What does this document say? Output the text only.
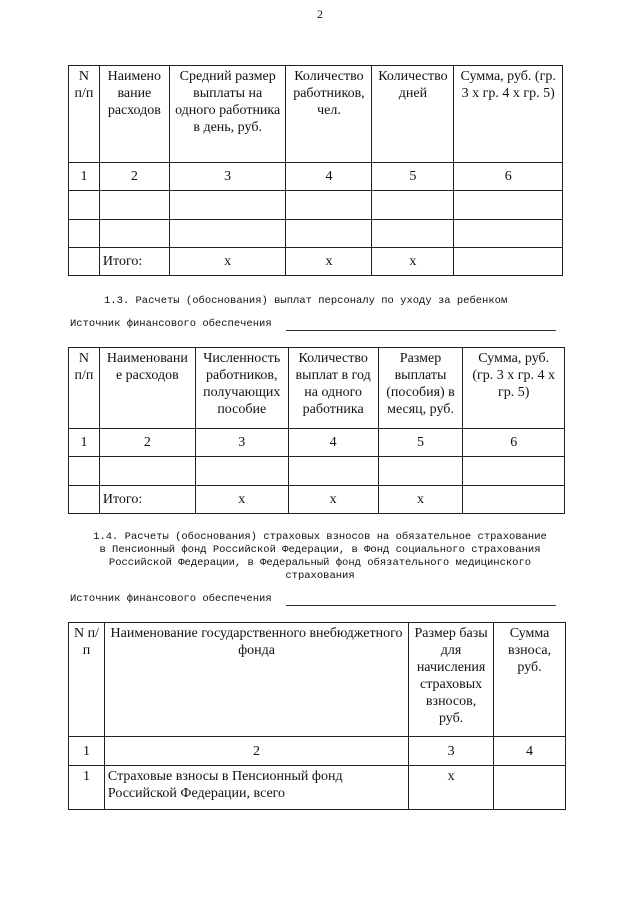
2
N п/п	Наимено вание расходов	Средний размер выплаты на одного работника в день, руб.	Количество работников, чел.	Количество дней	Сумма, руб. (гр. 3 х гр. 4 х гр. 5)
1	2	3	4	5	6

	Итого:	x	x	x	
1.3. Расчеты (обоснования) выплат персоналу по уходу за ребенком
Источник финансового обеспечения
N п/п	Наименовани е расходов	Численность работников, получающих пособие	Количество выплат в год на одного работника	Размер выплаты (пособия) в месяц, руб.	Сумма, руб. (гр. 3 х гр. 4 х гр. 5)
1	2	3	4	5	6

	Итого:	x	x	x	
1.4. Расчеты (обоснования) страховых взносов на обязательное страхование
в Пенсионный фонд Российской Федерации, в Фонд социального страхования
Российской Федерации, в Федеральный фонд обязательного медицинского
страхования
Источник финансового обеспечения
N п/п	Наименование государственного внебюджетного фонда	Размер базы для начисления страховых взносов, руб.	Сумма взноса, руб.
1	2	3	4
1	Страховые взносы в Пенсионный фонд Российской Федерации, всего	x	
